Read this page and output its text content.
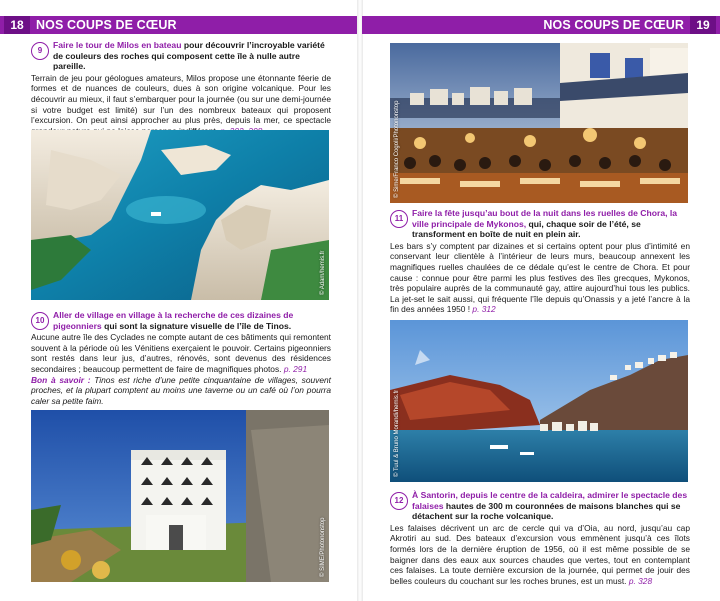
18 NOS COUPS DE CŒUR
9
Faire le tour de Milos en bateau pour découvrir l’incroyable variété de couleurs des roches qui composent cette île à nulle autre pareille.
Terrain de jeu pour géologues amateurs, Milos propose une étonnante féerie de formes et de nuances de couleurs, dues à son origine volcanique. Pour les découvrir au mieux, il faut s’embarquer pour la journée (ou sur une demi-journée si votre budget est limité) sur l’un des nombreux bateaux qui proposent l’excursion. On peut ainsi approcher au plus près, depuis la mer, ce spectacle
© Adam/hemis.fr
10
Aller de village en village à la recherche de ces dizaines de pigeonniers qui sont la signature visuelle de l’île de Tinos.
Aucune autre île des Cyclades ne compte autant de ces bâtiments qui remontent souvent à la période où les Vénitiens exerçaient le pouvoir. Certains pigeonniers sont restés dans leur jus, d’autres, rénovés, sont devenus des résidences secondaires ; beaucoup permettent de faire de magnifiques photos. p. 291
Bon à savoir : Tinos est riche d’une petite cinquantaine de villages, souvent proches, et la plupart comptent au moins une taverne ou un café où l’on pourra caler sa petite faim.
© SIME/Photononstop
NOS COUPS DE CŒUR	19
© Sime/Franco Cogoli/Photononstop
11
Faire la fête jusqu’au bout de la nuit dans les ruelles de Chora, la ville principale de Mykonos, qui, chaque soir de l’été, se transforment en boîte de nuit en plein air.
Les bars s’y comptent par dizaines et si certains optent pour plus d’intimité en conservant leur clientèle à l’intérieur de leurs murs, beaucoup annexent les magnifiques ruelles chaulées de ce dédale qu’est le centre de Chora. Et pour cause : connue pour être parmi les plus festives des îles grecques, Mykonos, très populaire auprès de la communauté gay, attire aujourd’hui tous les publics. La jet-set le sait aussi, qui fréquente l’île depuis qu’Onassis y a jeté l’ancre à la fin des années 1950 ! p. 312
© Tuul & Bruno Morandi/hemis.fr
12
À Santorin, depuis le centre de la caldeira, admirer le spectacle des falaises hautes de 300 m couronnées de maisons blanches qui se détachent sur la roche volcanique.
Les falaises décrivent un arc de cercle qui va d’Oia, au nord, jusqu’au cap Akrotiri au sud. Des bateaux d’excursion vous emmènent jusqu’à ces îlots formés lors de la dernière éruption de 1956, où il est même possible de se baigner dans des eaux aux sources chaudes que vertes, tout en contemplant ces falaises. La toute dernière excursion de la journée, qui permet de jouir des belles couleurs du couchant sur les roches brunes, est un must. p. 328
